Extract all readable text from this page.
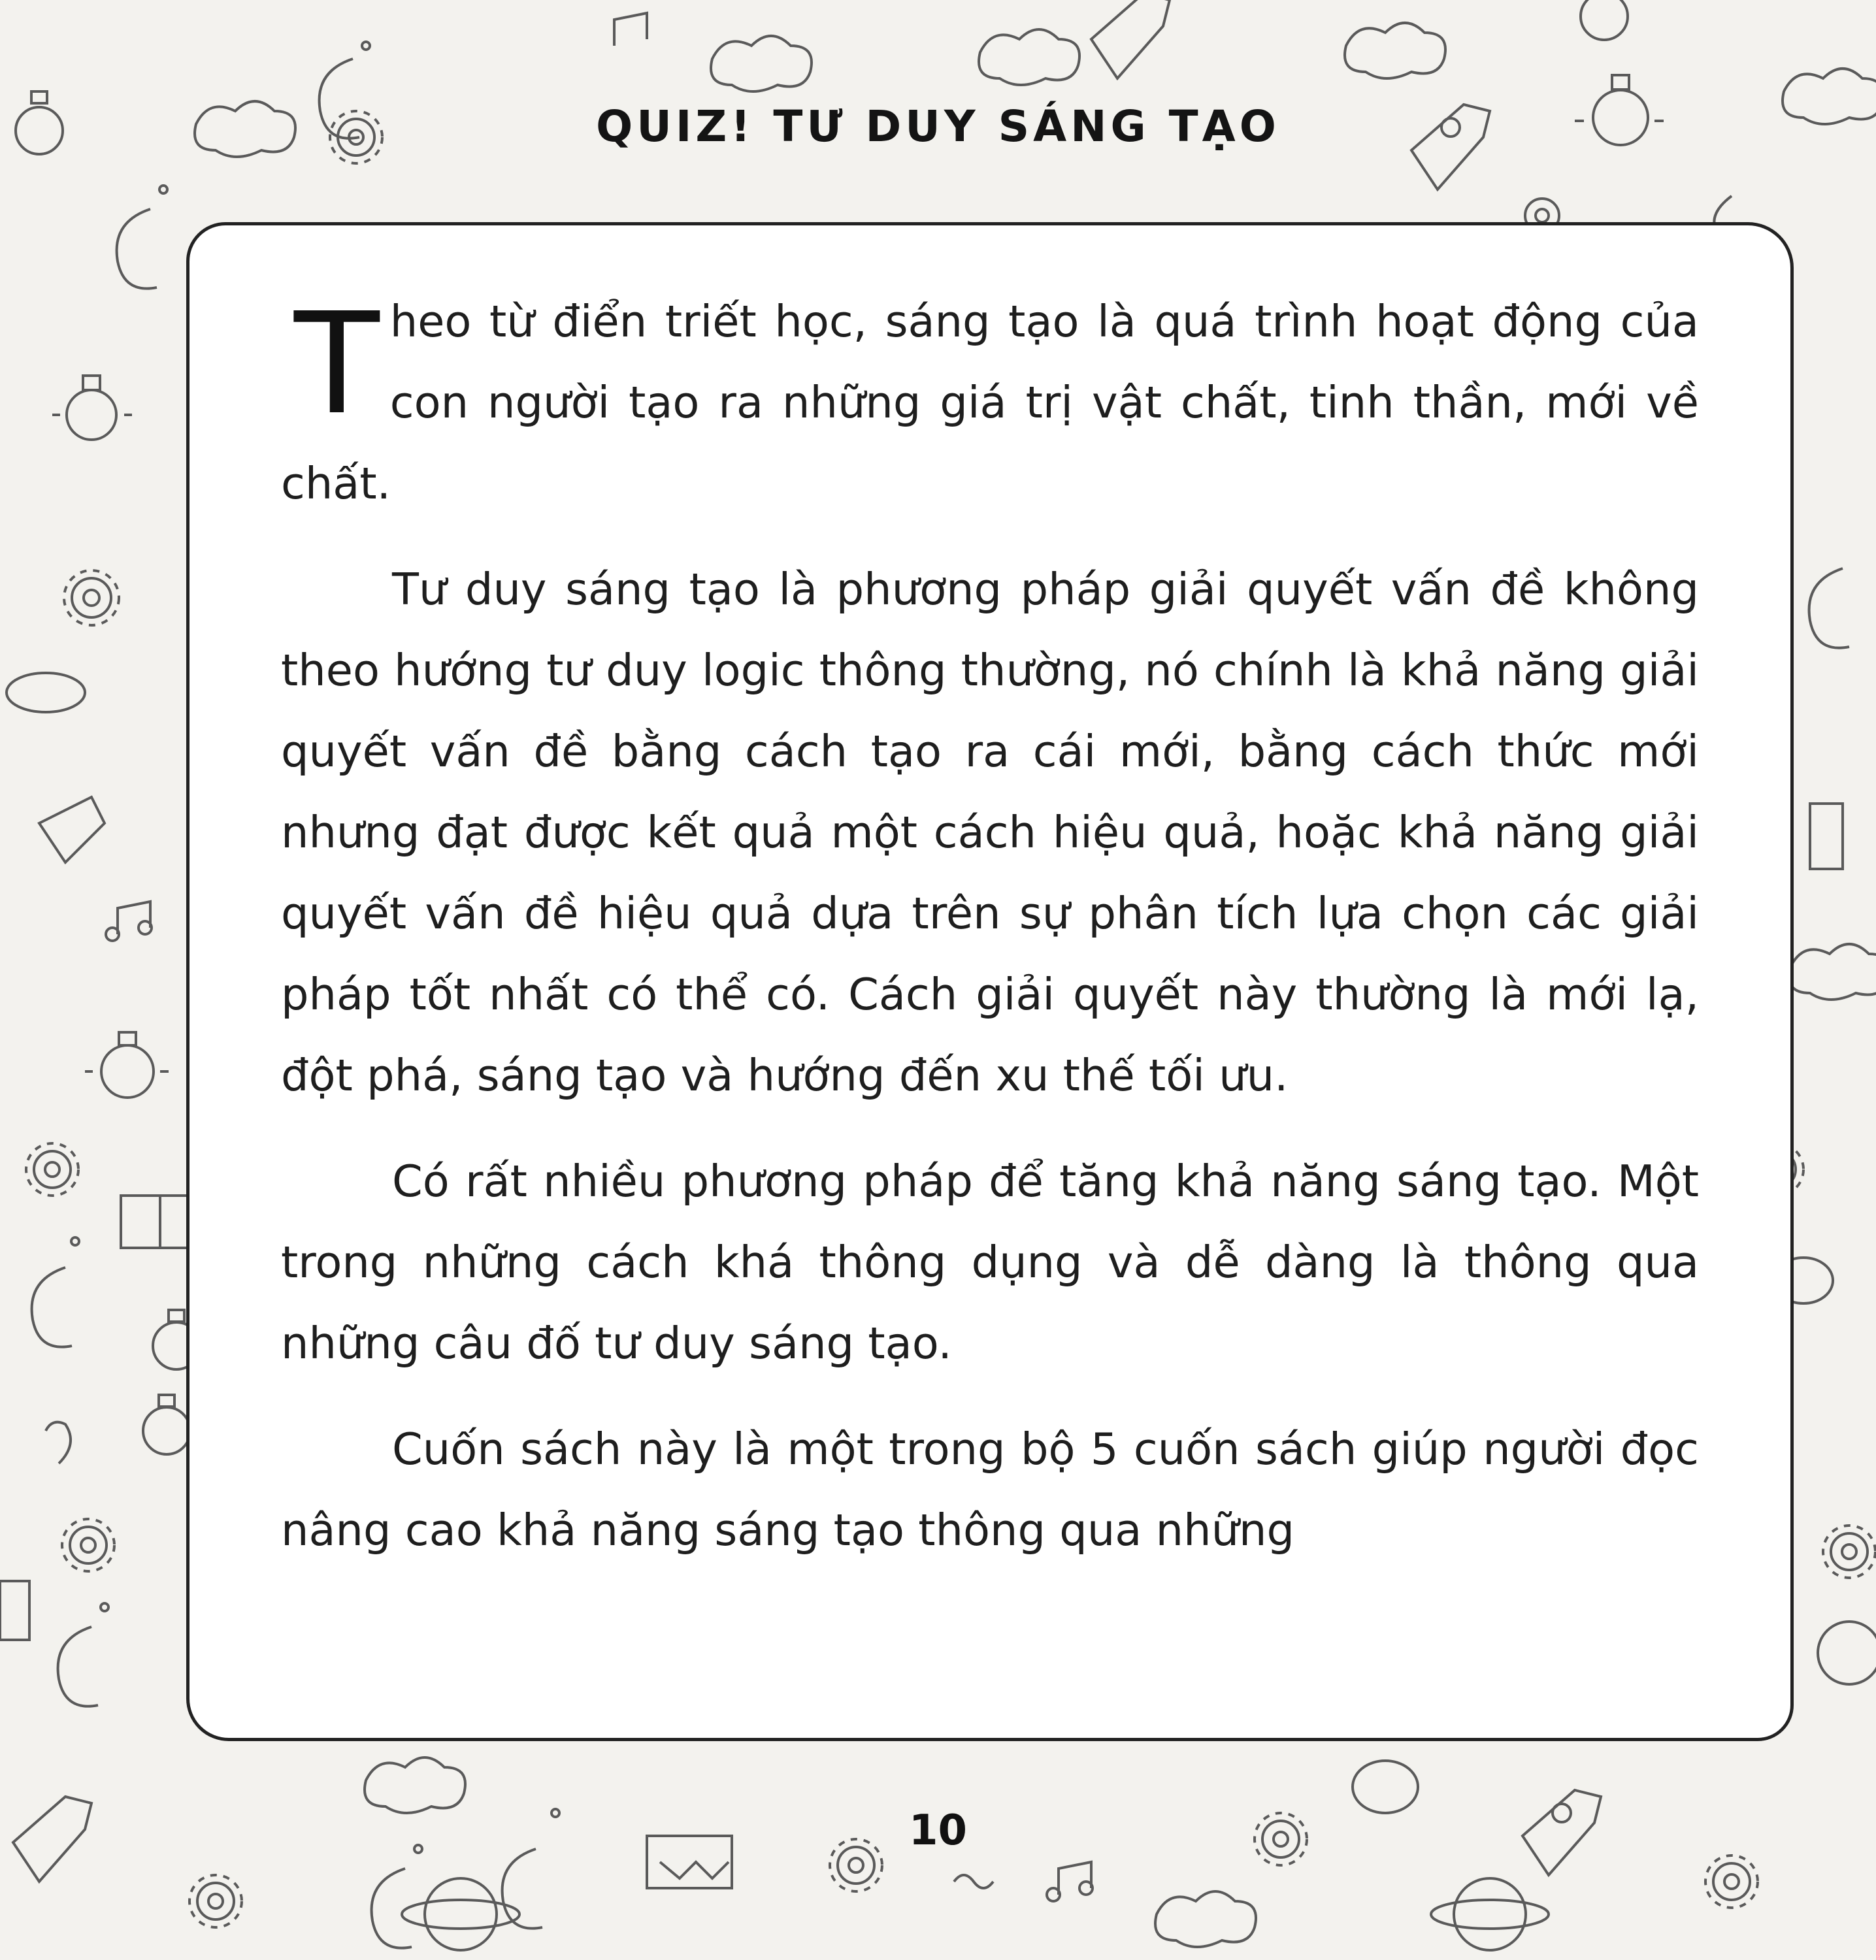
QUIZ! TƯ DUY SÁNG TẠO

Theo từ điển triết học, sáng tạo là quá trình hoạt động của con người tạo ra những giá trị vật chất, tinh thần, mới về chất.

Tư duy sáng tạo là phương pháp giải quyết vấn đề không theo hướng tư duy logic thông thường, nó chính là khả năng giải quyết vấn đề bằng cách tạo ra cái mới, bằng cách thức mới nhưng đạt được kết quả một cách hiệu quả, hoặc khả năng giải quyết vấn đề hiệu quả dựa trên sự phân tích lựa chọn các giải pháp tốt nhất có thể có. Cách giải quyết này thường là mới lạ, đột phá, sáng tạo và hướng đến xu thế tối ưu.

Có rất nhiều phương pháp để tăng khả năng sáng tạo. Một trong những cách khá thông dụng và dễ dàng là thông qua những câu đố tư duy sáng tạo.

Cuốn sách này là một trong bộ 5 cuốn sách giúp người đọc nâng cao khả năng sáng tạo thông qua những

10
